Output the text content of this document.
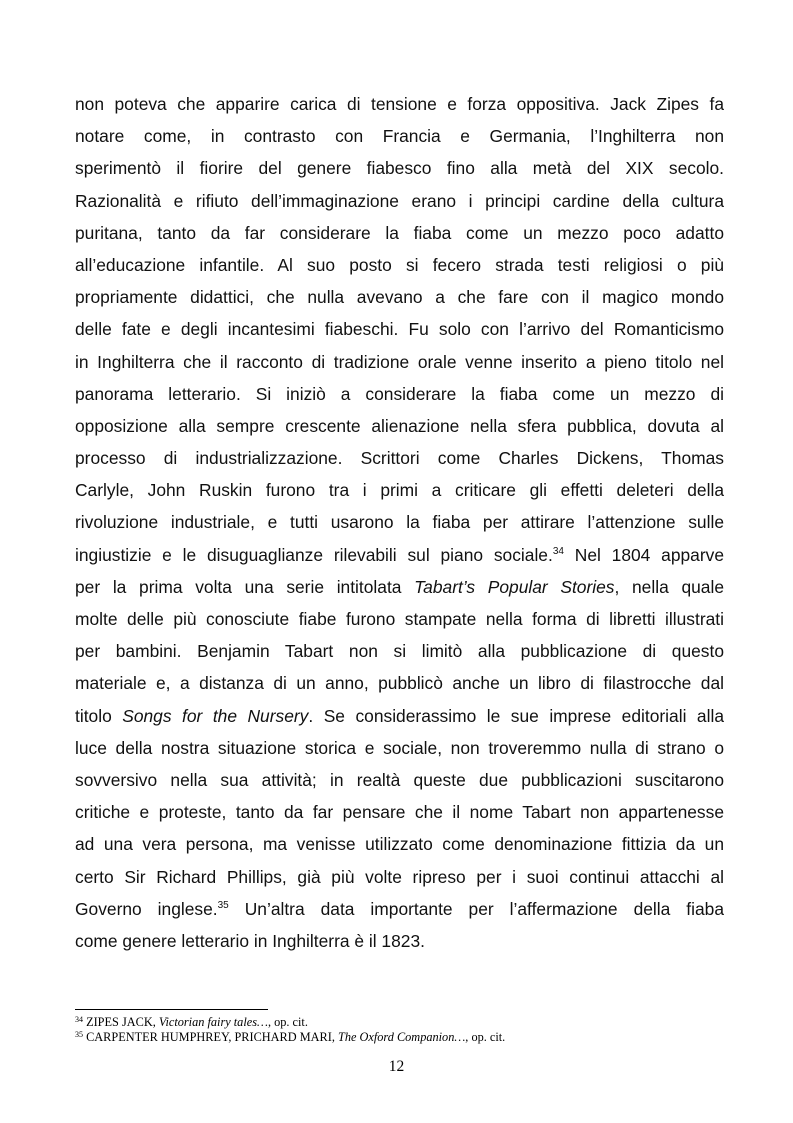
non poteva che apparire carica di tensione e forza oppositiva. Jack Zipes fa
notare come, in contrasto con Francia e Germania, l’Inghilterra non
sperimentò il fiorire del genere fiabesco fino alla metà del XIX secolo.
Razionalità e rifiuto dell’immaginazione erano i principi cardine della cultura
puritana, tanto da far considerare la fiaba come un mezzo poco adatto
all’educazione infantile. Al suo posto si fecero strada testi religiosi o più
propriamente didattici, che nulla avevano a che fare con il magico mondo
delle fate e degli incantesimi fiabeschi. Fu solo con l’arrivo del Romanticismo
in Inghilterra che il racconto di tradizione orale venne inserito a pieno titolo nel
panorama letterario. Si iniziò a considerare la fiaba come un mezzo di
opposizione alla sempre crescente alienazione nella sfera pubblica, dovuta al
processo di industrializzazione. Scrittori come Charles Dickens, Thomas
Carlyle, John Ruskin furono tra i primi a criticare gli effetti deleteri della
rivoluzione industriale, e tutti usarono la fiaba per attirare l’attenzione sulle
ingiustizie e le disuguaglianze rilevabili sul piano sociale.$^{34}$ Nel 1804 apparve
per la prima volta una serie intitolata Tabart’s Popular Stories, nella quale
molte delle più conosciute fiabe furono stampate nella forma di libretti illustrati
per bambini. Benjamin Tabart non si limitò alla pubblicazione di questo
materiale e, a distanza di un anno, pubblicò anche un libro di filastrocche dal
titolo Songs for the Nursery. Se considerassimo le sue imprese editoriali alla
luce della nostra situazione storica e sociale, non troveremmo nulla di strano o
sovversivo nella sua attività; in realtà queste due pubblicazioni suscitarono
critiche e proteste, tanto da far pensare che il nome Tabart non appartenesse
ad una vera persona, ma venisse utilizzato come denominazione fittizia da un
certo Sir Richard Phillips, già più volte ripreso per i suoi continui attacchi al
Governo inglese.$^{35}$ Un’altra data importante per l’affermazione della fiaba
come genere letterario in Inghilterra è il 1823.
$^{34}$ ZIPES JACK, Victorian fairy tales…, op. cit.
$^{35}$ CARPENTER HUMPHREY, PRICHARD MARI, The Oxford Companion…, op. cit.
12
